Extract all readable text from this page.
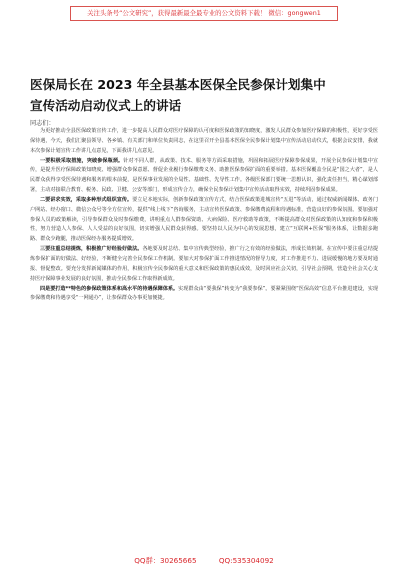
关注头条号“公文研究”，获得最新最全最专业的公文资料下载！ 微信：gongwen1
医保局长在 2023 年全县基本医保全民参保计划集中
宣传活动启动仪式上的讲话
同志们：

为更好推动全县医保政策宣传工作，进一步提高人民群众对医疗保障的认可度和医保政策的知晓度，激发人民群众参加医疗保障的积极性，更好享受医保待遇，今天，我们汇聚县领导、各乡镇、有关部门和单位负责同志，在这里召开全县基本医保全民参保计划集中宣传活动启动仪式，根据会议安排，我就本次参保计划宣传工作讲几点意见，下面我讲几点意见。

一要积极采取措施，突破参保瓶颈。针对不同人群，从政策、技术、服务等方面采取措施，巩固和拓展医疗保障参保成果，开展全民参保计划集中宣传，是提升医疗保障政策知晓度、增强群众参保意愿、督促企业履行参保缴费义务、助推医保参保扩面的重要举措。基本医保覆盖全民是“国之大者”，是人民群众获得享受医保待遇和服务的根本前提，是医保事业发展的全局性、基础性、先导性工作。各级医保部门要统一思想认识，强化责任担当，精心谋划部署，主动对接联合教育、税务、民政、卫健、公安等部门，形成宣传合力，确保全民参保计划集中宣传活动取得实效，持续巩固参保成果。

二要讲求实效，采取多种形式组织宣传。要立足本地实际，创新参保政策宣传方式，结合医保政策进城宣传“五进”等活动，通过权威新闻媒体、政务门户网站、经办窗口、微信公众号等全方位宣传，提供“线上线下”咨询服务，主动宣传医保政策、参保缴费流程和待遇标准，营造良好的参保氛围。要加强对参保人员的政策解读，引导参保群众及时参保缴费，讲明重点人群参保资助、大病保险、医疗救助等政策，不断提高群众对医保政策的认知度和参保积极性，努力营造人人参保、人人受益的良好氛围，切实增强人民群众获得感。要坚持以人民为中心的发展思想，建立“互联网+医保”服务体系，让数据多跑路、群众少跑腿，推动医保经办服务提质增效。

三要注重总结提炼，积极推广好经验好做法。各地要及时总结、集中宣传典型经验，推广行之有效的经验做法，形成长效机制。在宣传中要注重总结提炼参保扩面的好做法、好经验，不断健全完善全民参保工作机制。要加大对参保扩面工作推进情况的督导力度，对工作推进不力、进展缓慢的地方要及时通报、督促整改。要充分发挥新闻媒体的作用，积极宣传全民参保的重大意义和医保政策的惠民成效，及时回应社会关切，引导社会预期，营造全社会关心支持医疗保障事业发展的良好氛围，推动全民参保工作取得新成效。

四是要打造**特色的参保政策体系和高水平的待遇保障体系。实现群众由“要我保”转变为“我要参保”。要紧紧围绕“医保高效”信息平台推进建设，实现参保缴费和待遇享受“一网通办”，让参保群众办事更加便捷。

QQ群：30265665	QQ:535304092
